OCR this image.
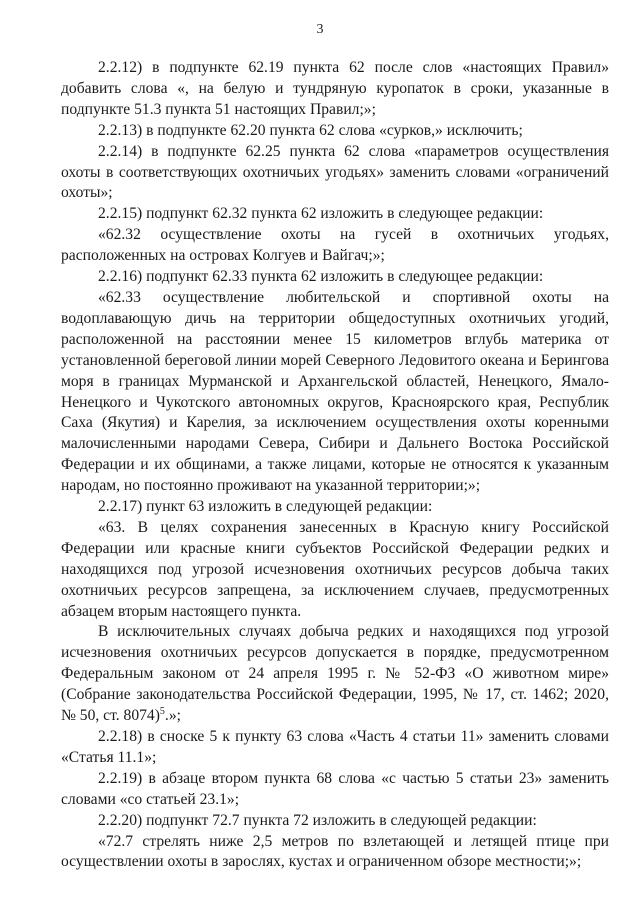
3

2.2.12) в подпункте 62.19 пункта 62 после слов «настоящих Правил» добавить слова «, на белую и тундряную куропаток в сроки, указанные в подпункте 51.3 пункта 51 настоящих Правил;»;

2.2.13) в подпункте 62.20 пункта 62 слова «сурков,» исключить;

2.2.14) в подпункте 62.25 пункта 62 слова «параметров осуществления охоты в соответствующих охотничьих угодьях» заменить словами «ограничений охоты»;

2.2.15) подпункт 62.32 пункта 62 изложить в следующее редакции:

«62.32 осуществление охоты на гусей в охотничьих угодьях, расположенных на островах Колгуев и Вайгач;»;

2.2.16) подпункт 62.33 пункта 62 изложить в следующее редакции:

«62.33 осуществление любительской и спортивной охоты на водоплавающую дичь на территории общедоступных охотничьих угодий, расположенной на расстоянии менее 15 километров вглубь материка от установленной береговой линии морей Северного Ледовитого океана и Берингова моря в границах Мурманской и Архангельской областей, Ненецкого, Ямало-Ненецкого и Чукотского автономных округов, Красноярского края, Республик Саха (Якутия) и Карелия, за исключением осуществления охоты коренными малочисленными народами Севера, Сибири и Дальнего Востока Российской Федерации и их общинами, а также лицами, которые не относятся к указанным народам, но постоянно проживают на указанной территории;»;

2.2.17) пункт 63 изложить в следующей редакции:

«63. В целях сохранения занесенных в Красную книгу Российской Федерации или красные книги субъектов Российской Федерации редких и находящихся под угрозой исчезновения охотничьих ресурсов добыча таких охотничьих ресурсов запрещена, за исключением случаев, предусмотренных абзацем вторым настоящего пункта.

В исключительных случаях добыча редких и находящихся под угрозой исчезновения охотничьих ресурсов допускается в порядке, предусмотренном Федеральным законом от 24 апреля 1995 г. № 52-ФЗ «О животном мире» (Собрание законодательства Российской Федерации, 1995, № 17, ст. 1462; 2020, № 50, ст. 8074)$^5$.»;

2.2.18) в сноске 5 к пункту 63 слова «Часть 4 статьи 11» заменить словами «Статья 11.1»;

2.2.19) в абзаце втором пункта 68 слова «с частью 5 статьи 23» заменить словами «со статьей 23.1»;

2.2.20) подпункт 72.7 пункта 72 изложить в следующей редакции:

«72.7 стрелять ниже 2,5 метров по взлетающей и летящей птице при осуществлении охоты в зарослях, кустах и ограниченном обзоре местности;»;
